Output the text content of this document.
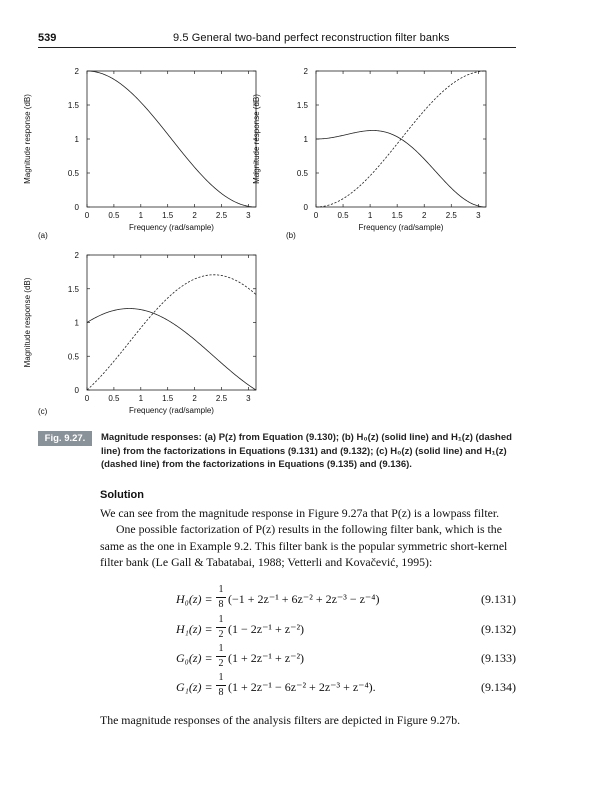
539	9.5 General two-band perfect reconstruction filter banks
0 0.5 1 1.5 2 2.5 3
0
0.5
1
1.5
2
Frequency (rad/sample)
Magnitude response (dB)
(a)
0 0.5 1 1.5 2 2.5 3
0
0.5
1
1.5
2
Frequency (rad/sample)
Magnitude response (dB)
(b)
0 0.5 1 1.5 2 2.5 3
0
0.5
1
1.5
2
Frequency (rad/sample)
Magnitude response (dB)
(c)
Fig. 9.27.	Magnitude responses: (a) P(z) from Equation (9.130); (b) H₀(z) (solid line) and H₁(z) (dashed line) from the factorizations in Equations (9.131) and (9.132); (c) H₀(z) (solid line) and H₁(z) (dashed line) from the factorizations in Equations (9.135) and (9.136).
Solution
We can see from the magnitude response in Figure 9.27a that P(z) is a lowpass filter.
One possible factorization of P(z) results in the following filter bank, which is the same as the one in Example 9.2. This filter bank is the popular symmetric short-kernel filter bank (Le Gall & Tabatabai, 1988; Vetterli and Kovačević, 1995):
H₀(z) =
1
8 (−1 + 2z⁻¹ + 6z⁻² + 2z⁻³ − z⁻⁴)	(9.131)
H₁(z) =
1
2 (1 − 2z⁻¹ + z⁻²)	(9.132)
G₀(z) =
1
2 (1 + 2z⁻¹ + z⁻²)	(9.133)
G₁(z) =
1
8 (1 + 2z⁻¹ − 6z⁻² + 2z⁻³ + z⁻⁴).	(9.134)
The magnitude responses of the analysis filters are depicted in Figure 9.27b.
